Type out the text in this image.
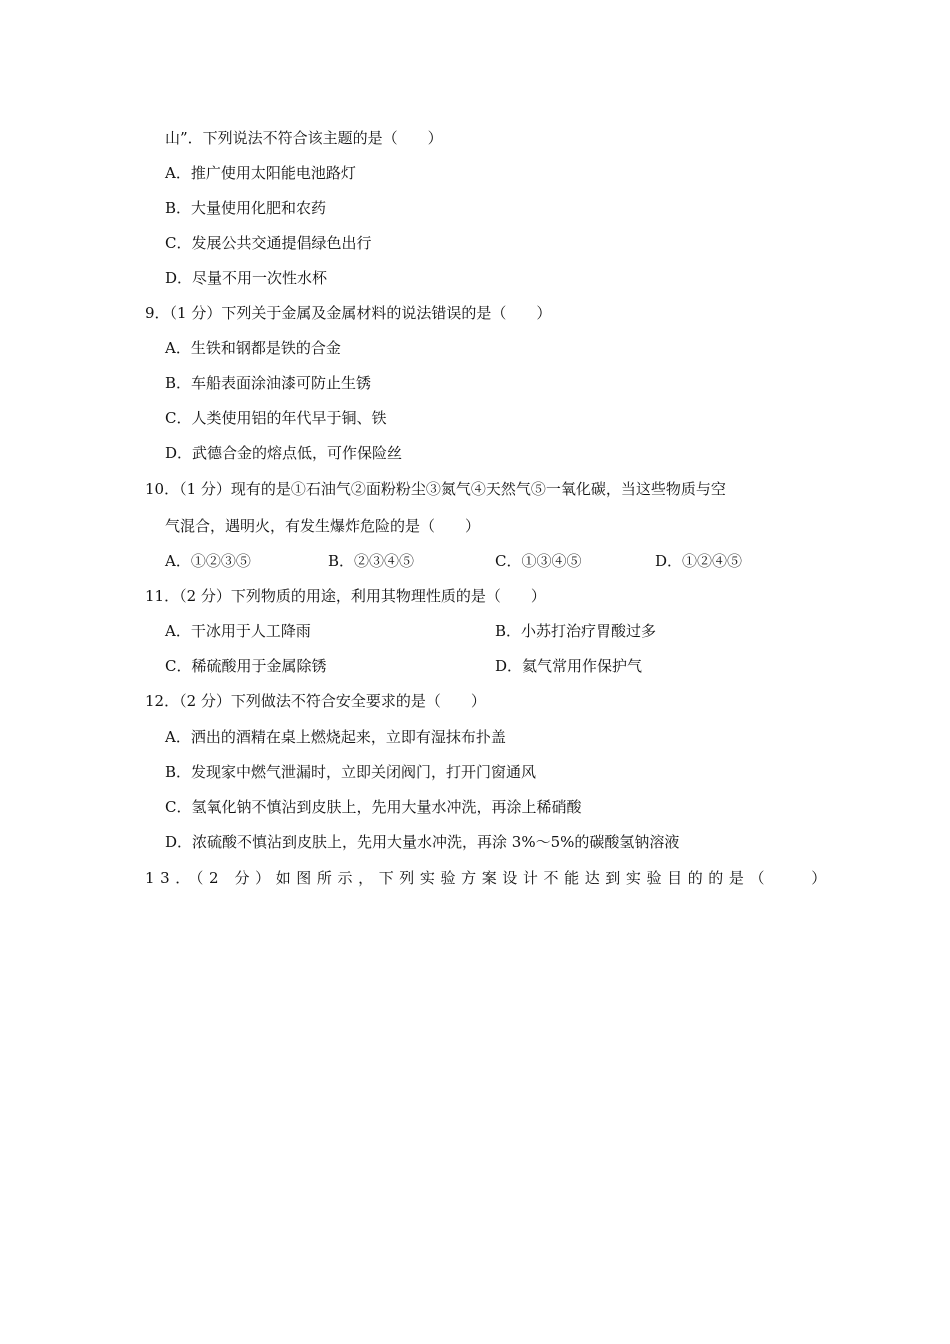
山”．下列说法不符合该主题的是（　　）
A．推广使用太阳能电池路灯
B．大量使用化肥和农药
C．发展公共交通提倡绿色出行
D．尽量不用一次性水杯
9．（1 分）下列关于金属及金属材料的说法错误的是（　　）
A．生铁和钢都是铁的合金
B．车船表面涂油漆可防止生锈
C．人类使用铝的年代早于铜、铁
D．武德合金的熔点低，可作保险丝
10．（1 分）现有的是①石油气②面粉粉尘③氮气④天然气⑤一氧化碳，当这些物质与空
气混合，遇明火，有发生爆炸危险的是（　　）
A．①②③⑤	B．②③④⑤	C．①③④⑤	D．①②④⑤
11．（2 分）下列物质的用途，利用其物理性质的是（　　）
A．干冰用于人工降雨	B．小苏打治疗胃酸过多
C．稀硫酸用于金属除锈	D．氦气常用作保护气
12．（2 分）下列做法不符合安全要求的是（　　）
A．洒出的酒精在桌上燃烧起来，立即有湿抹布扑盖
B．发现家中燃气泄漏时，立即关闭阀门，打开门窗通风
C．氢氧化钠不慎沾到皮肤上，先用大量水冲洗，再涂上稀硝酸
D．浓硫酸不慎沾到皮肤上，先用大量水冲洗，再涂 3%～5%的碳酸氢钠溶液
13．（2 分）如图所示，下列实验方案设计不能达到实验目的的是（　　）
